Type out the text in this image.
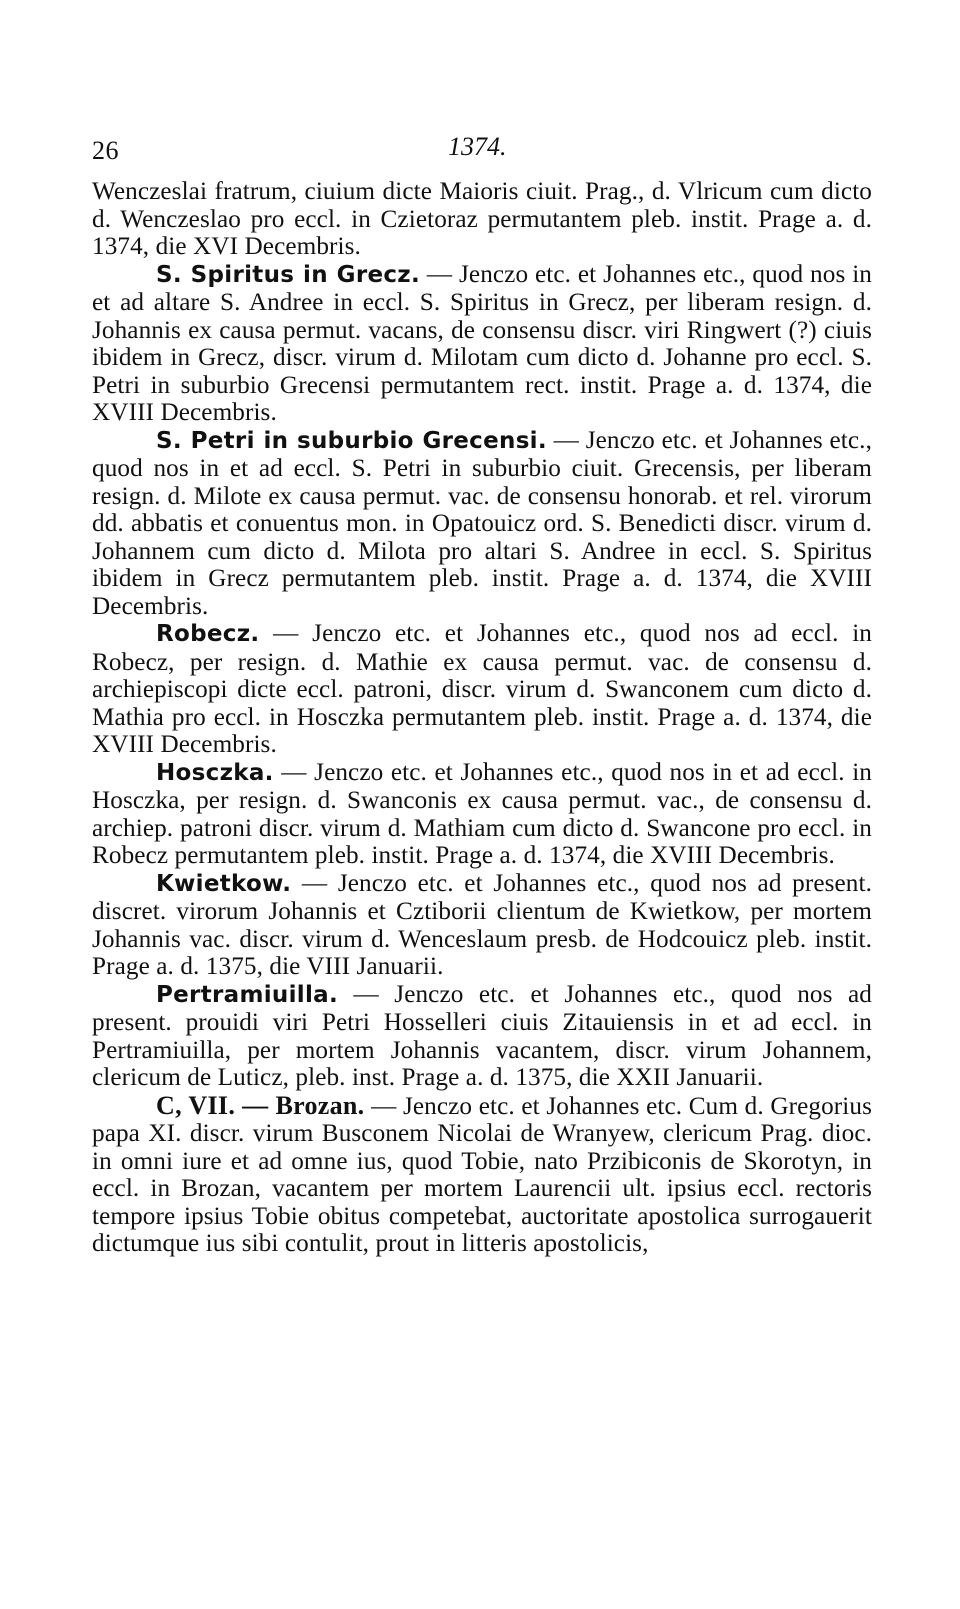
26	1374.

Wenczeslai fratrum, ciuium dicte Maioris ciuit. Prag., d. Vlricum cum dicto d. Wenczeslao pro eccl. in Czietoraz permutantem pleb. instit. Prage a. d. 1374, die XVI Decembris.

S. Spiritus in Grecz. — Jenczo etc. et Johannes etc., quod nos in et ad altare S. Andree in eccl. S. Spiritus in Grecz, per liberam resign. d. Johannis ex causa permut. vacans, de consensu discr. viri Ringwert (?) ciuis ibidem in Grecz, discr. virum d. Milotam cum dicto d. Johanne pro eccl. S. Petri in suburbio Grecensi permutantem rect. instit. Prage a. d. 1374, die XVIII Decembris.

S. Petri in suburbio Grecensi. — Jenczo etc. et Johannes etc., quod nos in et ad eccl. S. Petri in suburbio ciuit. Grecensis, per liberam resign. d. Milote ex causa permut. vac. de consensu honorab. et rel. virorum dd. abbatis et conuentus mon. in Opatouicz ord. S. Benedicti discr. virum d. Johannem cum dicto d. Milota pro altari S. Andree in eccl. S. Spiritus ibidem in Grecz permutantem pleb. instit. Prage a. d. 1374, die XVIII Decembris.

Robecz. — Jenczo etc. et Johannes etc., quod nos ad eccl. in Robecz, per resign. d. Mathie ex causa permut. vac. de consensu d. archiepiscopi dicte eccl. patroni, discr. virum d. Swanconem cum dicto d. Mathia pro eccl. in Hosczka permutantem pleb. instit. Prage a. d. 1374, die XVIII Decembris.

Hosczka. — Jenczo etc. et Johannes etc., quod nos in et ad eccl. in Hosczka, per resign. d. Swanconis ex causa permut. vac., de consensu d. archiep. patroni discr. virum d. Mathiam cum dicto d. Swancone pro eccl. in Robecz permutantem pleb. instit. Prage a. d. 1374, die XVIII Decembris.

Kwietkow. — Jenczo etc. et Johannes etc., quod nos ad present. discret. virorum Johannis et Cztiborii clientum de Kwietkow, per mortem Johannis vac. discr. virum d. Wenceslaum presb. de Hodcouicz pleb. instit. Prage a. d. 1375, die VIII Januarii.

Pertramiuilla. — Jenczo etc. et Johannes etc., quod nos ad present. prouidi viri Petri Hosselleri ciuis Zitauiensis in et ad eccl. in Pertramiuilla, per mortem Johannis vacantem, discr. virum Johannem, clericum de Luticz, pleb. inst. Prage a. d. 1375, die XXII Januarii.

C, VII. — Brozan. — Jenczo etc. et Johannes etc. Cum d. Gregorius papa XI. discr. virum Busconem Nicolai de Wranyew, clericum Prag. dioc. in omni iure et ad omne ius, quod Tobie, nato Przibiconis de Skorotyn, in eccl. in Brozan, vacantem per mortem Laurencii ult. ipsius eccl. rectoris tempore ipsius Tobie obitus competebat, auctoritate apostolica surrogauerit dictumque ius sibi contulit, prout in litteris apostolicis,
